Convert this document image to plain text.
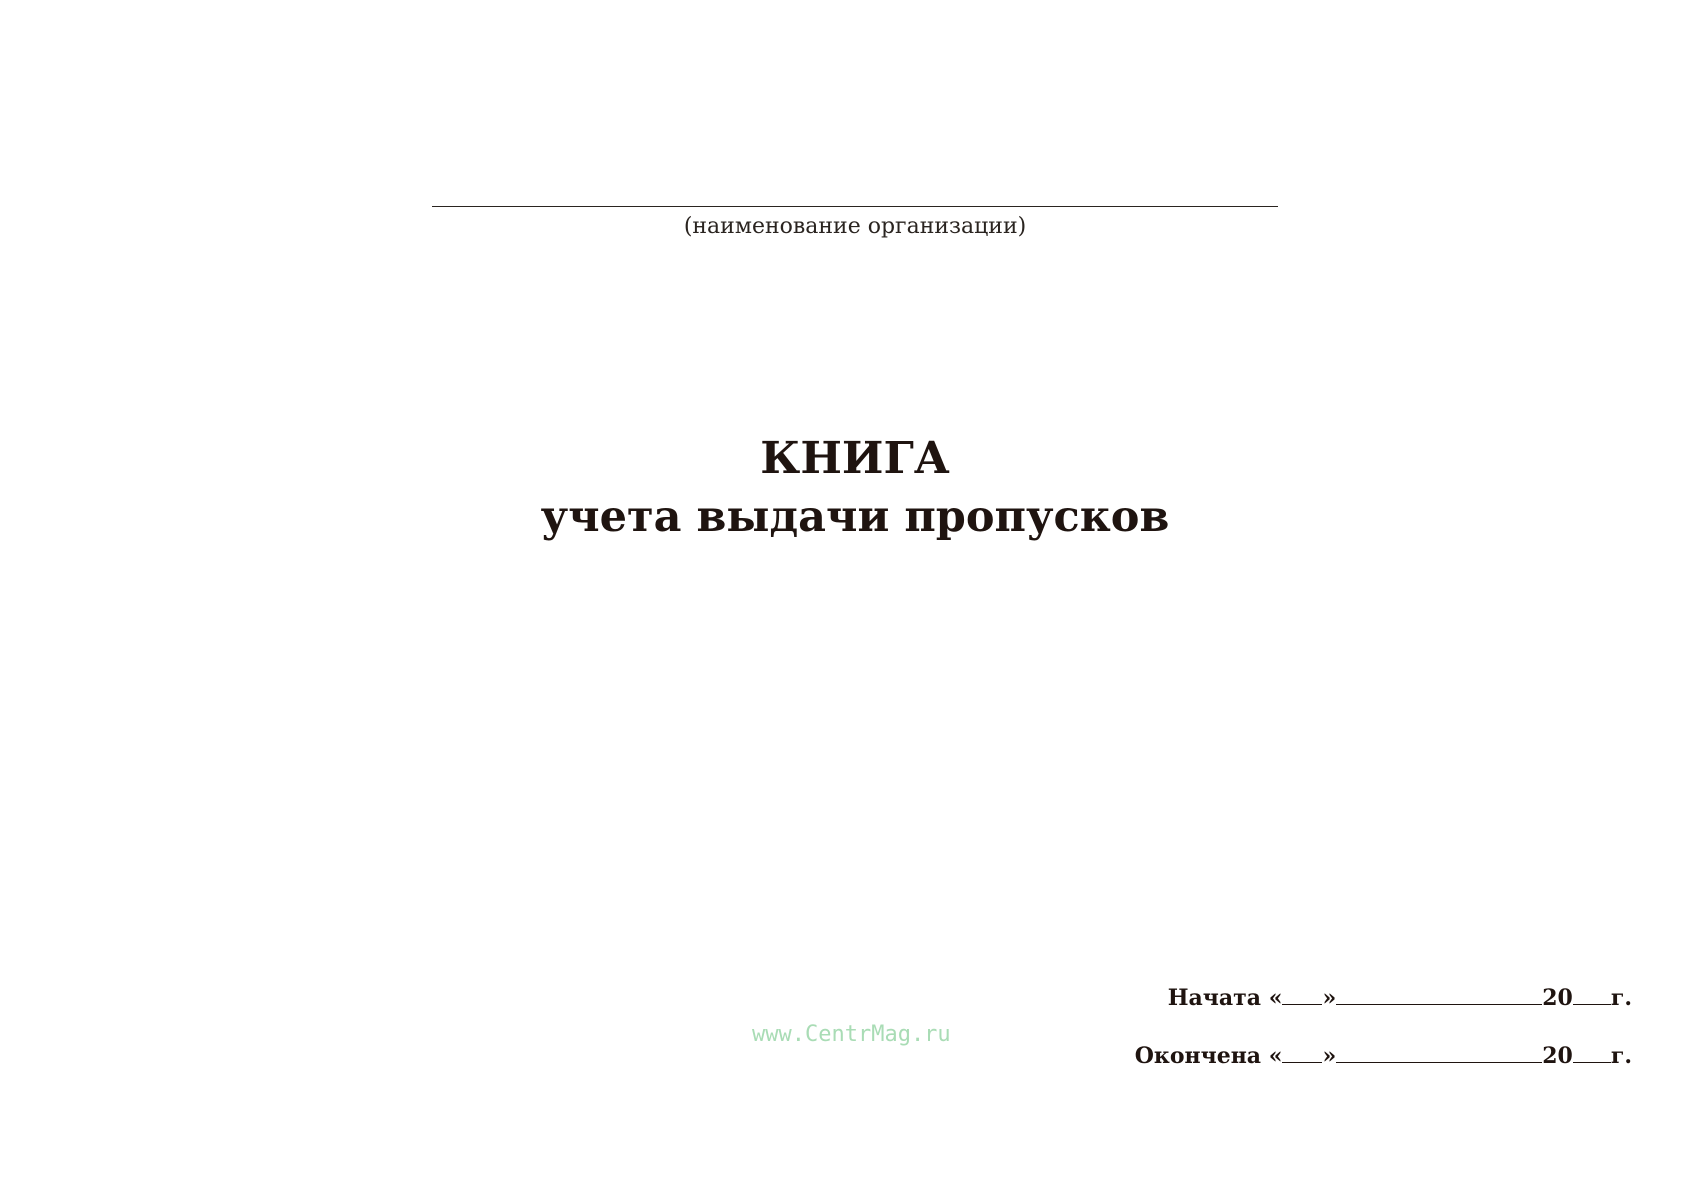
(наименование организации)
КНИГА
учета выдачи пропусков
www.CentrMag.ru
Начата
« »	20 г.
Окончена
« »	20 г.
